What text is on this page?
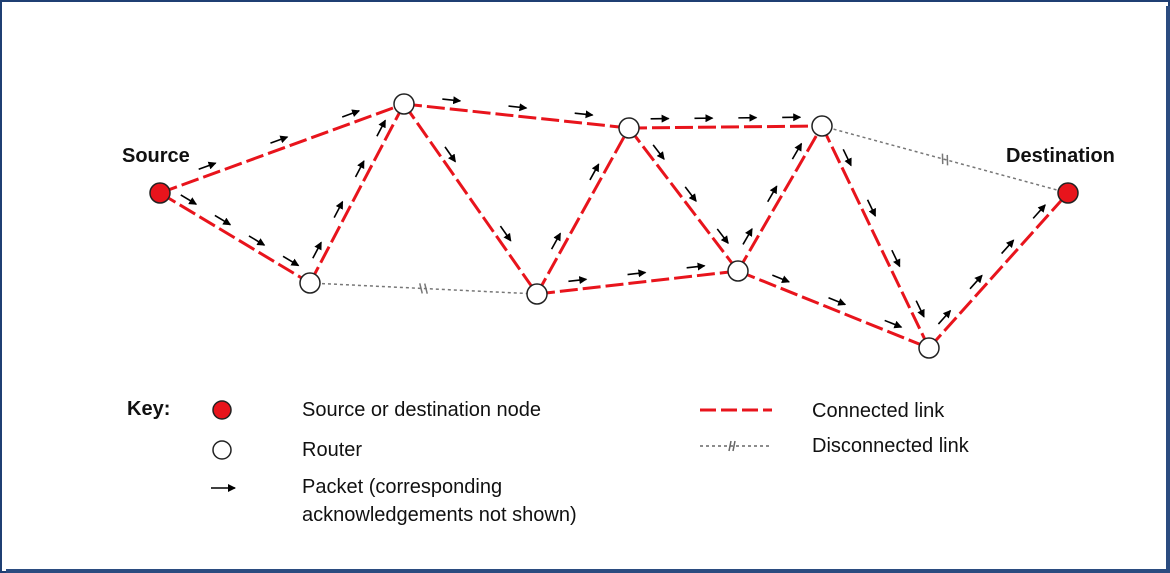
Source	Destination
Key:	Source or destination node
Router
Packet (corresponding
acknowledgements not shown)
Connected link
Disconnected link
